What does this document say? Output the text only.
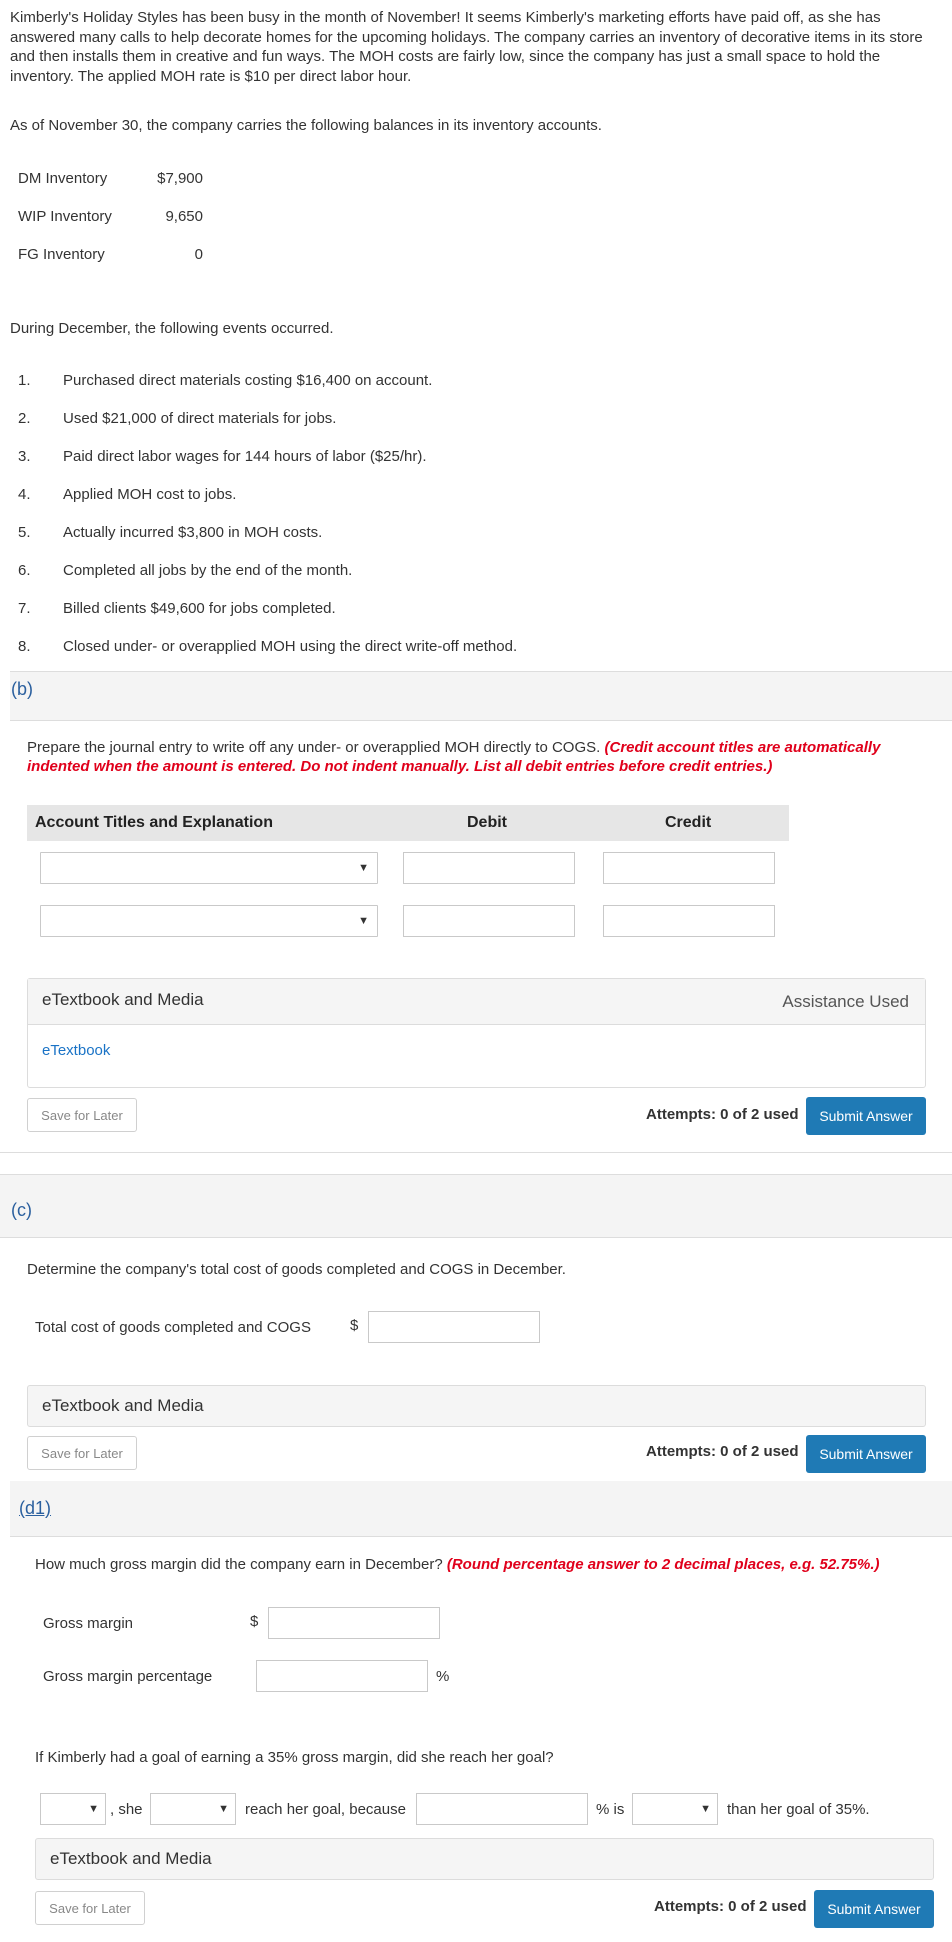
Kimberly's Holiday Styles has been busy in the month of November! It seems Kimberly's marketing efforts have paid off, as she has answered many calls to help decorate homes for the upcoming holidays. The company carries an inventory of decorative items in its store and then installs them in creative and fun ways. The MOH costs are fairly low, since the company has just a small space to hold the inventory. The applied MOH rate is $10 per direct labor hour.
As of November 30, the company carries the following balances in its inventory accounts.
DM Inventory	$7,900
WIP Inventory	9,650
FG Inventory	0
During December, the following events occurred.
1. Purchased direct materials costing $16,400 on account.
2. Used $21,000 of direct materials for jobs.
3. Paid direct labor wages for 144 hours of labor ($25/hr).
4. Applied MOH cost to jobs.
5. Actually incurred $3,800 in MOH costs.
6. Completed all jobs by the end of the month.
7. Billed clients $49,600 for jobs completed.
8. Closed under- or overapplied MOH using the direct write-off method.
(b)
Prepare the journal entry to write off any under- or overapplied MOH directly to COGS. (Credit account titles are automatically indented when the amount is entered. Do not indent manually. List all debit entries before credit entries.)
Account Titles and Explanation	Debit	Credit
▼
▼
eTextbook and Media	Assistance Used
eTextbook
Save for Later	Attempts: 0 of 2 used	Submit Answer
(c)
Determine the company's total cost of goods completed and COGS in December.
Total cost of goods completed and COGS	$
eTextbook and Media
Save for Later	Attempts: 0 of 2 used	Submit Answer
(d1)
How much gross margin did the company earn in December? (Round percentage answer to 2 decimal places, e.g. 52.75%.)
Gross margin	$
Gross margin percentage	%
If Kimberly had a goal of earning a 35% gross margin, did she reach her goal?
▼ , she	▼ reach her goal, because	% is	▼ than her goal of 35%.
eTextbook and Media
Save for Later	Attempts: 0 of 2 used	Submit Answer
